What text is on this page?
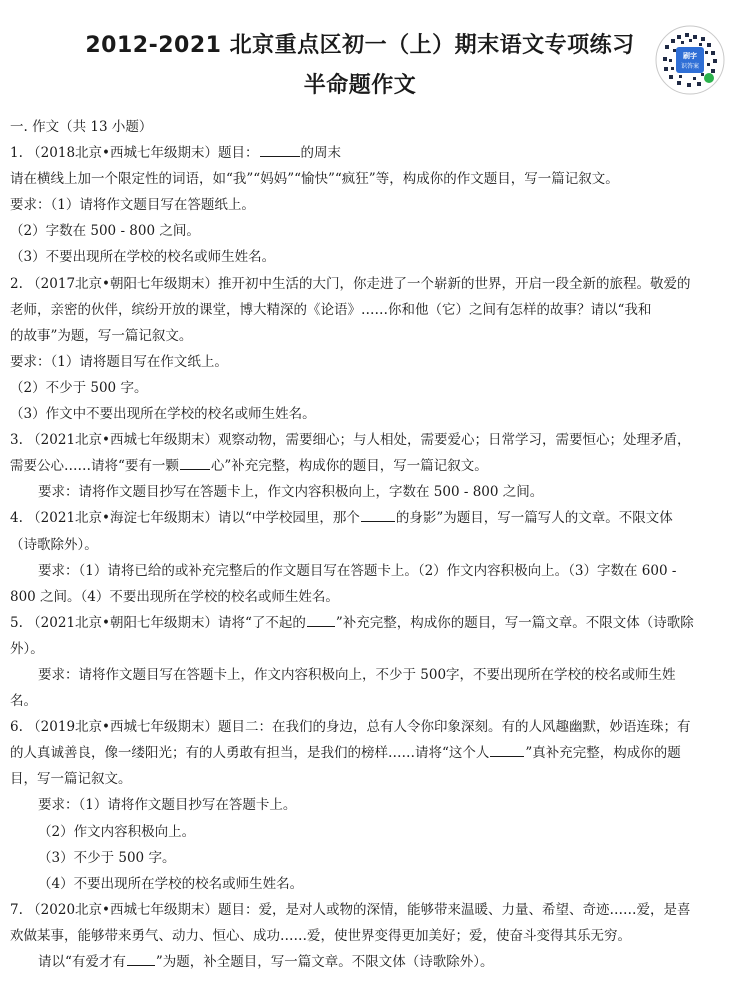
2012-2021 北京重点区初一（上）期末语文专项练习
半命题作文
刷字
识答案
一. 作文（共 13 小题）
1. （2018北京•西城七年级期末）题目：	的周末
请在横线上加一个限定性的词语，如“我”“妈妈”“愉快”“疯狂”等，构成你的作文题目，写一篇记叙文。
要求：（1）请将作文题目写在答题纸上。
（2）字数在 500 - 800 之间。
（3）不要出现所在学校的校名或师生姓名。
2. （2017北京•朝阳七年级期末）推开初中生活的大门，你走进了一个崭新的世界，开启一段全新的旅程。敬爱的
老师，亲密的伙伴，缤纷开放的课堂，博大精深的《论语》……你和他（它）之间有怎样的故事？请以“我和
的故事”为题，写一篇记叙文。
要求：（1）请将题目写在作文纸上。
（2）不少于 500 字。
（3）作文中不要出现所在学校的校名或师生姓名。
3. （2021北京•西城七年级期末）观察动物，需要细心；与人相处，需要爱心；日常学习，需要恒心；处理矛盾，
需要公心……请将“要有一颗 心”补充完整，构成你的题目，写一篇记叙文。
要求：请将作文题目抄写在答题卡上，作文内容积极向上，字数在 500 - 800 之间。
4. （2021北京•海淀七年级期末）请以“中学校园里，那个	的身影”为题目，写一篇写人的文章。不限文体
（诗歌除外）。
要求：（1）请将已给的或补充完整后的作文题目写在答题卡上。（2）作文内容积极向上。（3）字数在 600 -
800 之间。（4）不要出现所在学校的校名或师生姓名。
5. （2021北京•朝阳七年级期末）请将“了不起的 ”补充完整，构成你的题目，写一篇文章。不限文体（诗歌除
外）。
要求：请将作文题目写在答题卡上，作文内容积极向上，不少于 500字，不要出现所在学校的校名或师生姓
名。
6. （2019北京•西城七年级期末）题目二：在我们的身边，总有人令你印象深刻。有的人风趣幽默，妙语连珠；有
的人真诚善良，像一缕阳光；有的人勇敢有担当，是我们的榜样……请将“这个人	”真补充完整，构成你的题
目，写一篇记叙文。
要求：（1）请将作文题目抄写在答题卡上。
（2）作文内容积极向上。
（3）不少于 500 字。
（4）不要出现所在学校的校名或师生姓名。
7. （2020北京•西城七年级期末）题目：爱，是对人或物的深情，能够带来温暖、力量、希望、奇迹……爱，是喜
欢做某事，能够带来勇气、动力、恒心、成功……爱，使世界变得更加美好；爱，使奋斗变得其乐无穷。
请以“有爱才有 ”为题，补全题目，写一篇文章。不限文体（诗歌除外）。
